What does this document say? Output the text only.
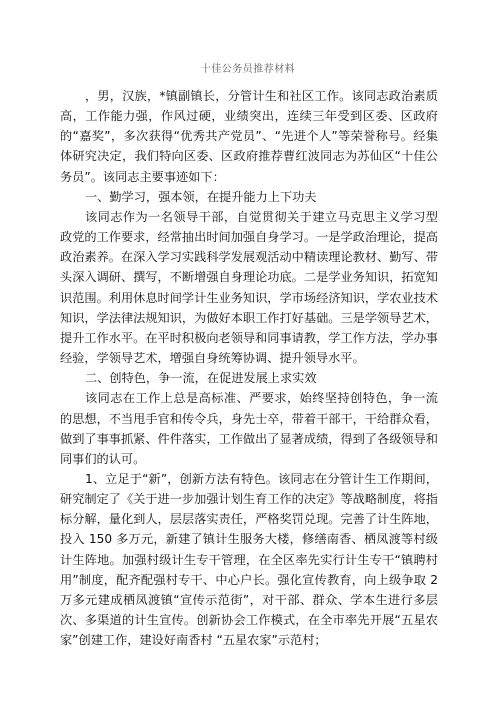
十佳公务员推荐材料

，男，汉族，*镇副镇长，分管计生和社区工作。该同志政治素质高，工作能力强，作风过硬，业绩突出，连续三年受到区委、区政府的“嘉奖”，多次获得“优秀共产党员”、“先进个人”等荣誉称号。经集体研究决定，我们特向区委、区政府推荐曹红波同志为苏仙区“十佳公务员”。该同志主要事迹如下：

一、勤学习，强本领，在提升能力上下功夫

该同志作为一名领导干部，自觉贯彻关于建立马克思主义学习型政党的工作要求，经常抽出时间加强自身学习。一是学政治理论，提高政治素养。在深入学习实践科学发展观活动中精读理论教材、勤写、带头深入调研、撰写，不断增强自身理论功底。二是学业务知识，拓宽知识范围。利用休息时间学计生业务知识，学市场经济知识，学农业技术知识，学法律法规知识，为做好本职工作打好基础。三是学领导艺术，提升工作水平。在平时积极向老领导和同事请教，学工作方法，学办事经验，学领导艺术，增强自身统筹协调、提升领导水平。

二、创特色，争一流，在促进发展上求实效

该同志在工作上总是高标准、严要求，始终坚持创特色，争一流的思想，不当甩手官和传令兵，身先士卒，带着干部干，干给群众看，做到了事事抓紧、件件落实，工作做出了显著成绩，得到了各级领导和同事们的认可。

1、立足于“新”，创新方法有特色。该同志在分管计生工作期间，研究制定了《关于进一步加强计划生育工作的决定》等战略制度，将指标分解，量化到人，层层落实责任，严格奖罚兑现。完善了计生阵地，投入 150 多万元，新建了镇计生服务大楼，修缮南香、栖凤渡等村级计生阵地。加强村级计生专干管理，在全区率先实行计生专干“镇聘村用”制度，配齐配强村专干、中心户长。强化宣传教育，向上级争取 2 万多元建成栖凤渡镇“宣传示范街”，对干部、群众、学本生进行多层次、多渠道的计生宣传。创新协会工作模式，在全市率先开展“五星农家”创建工作，建设好南香村 “五星农家”示范村；
